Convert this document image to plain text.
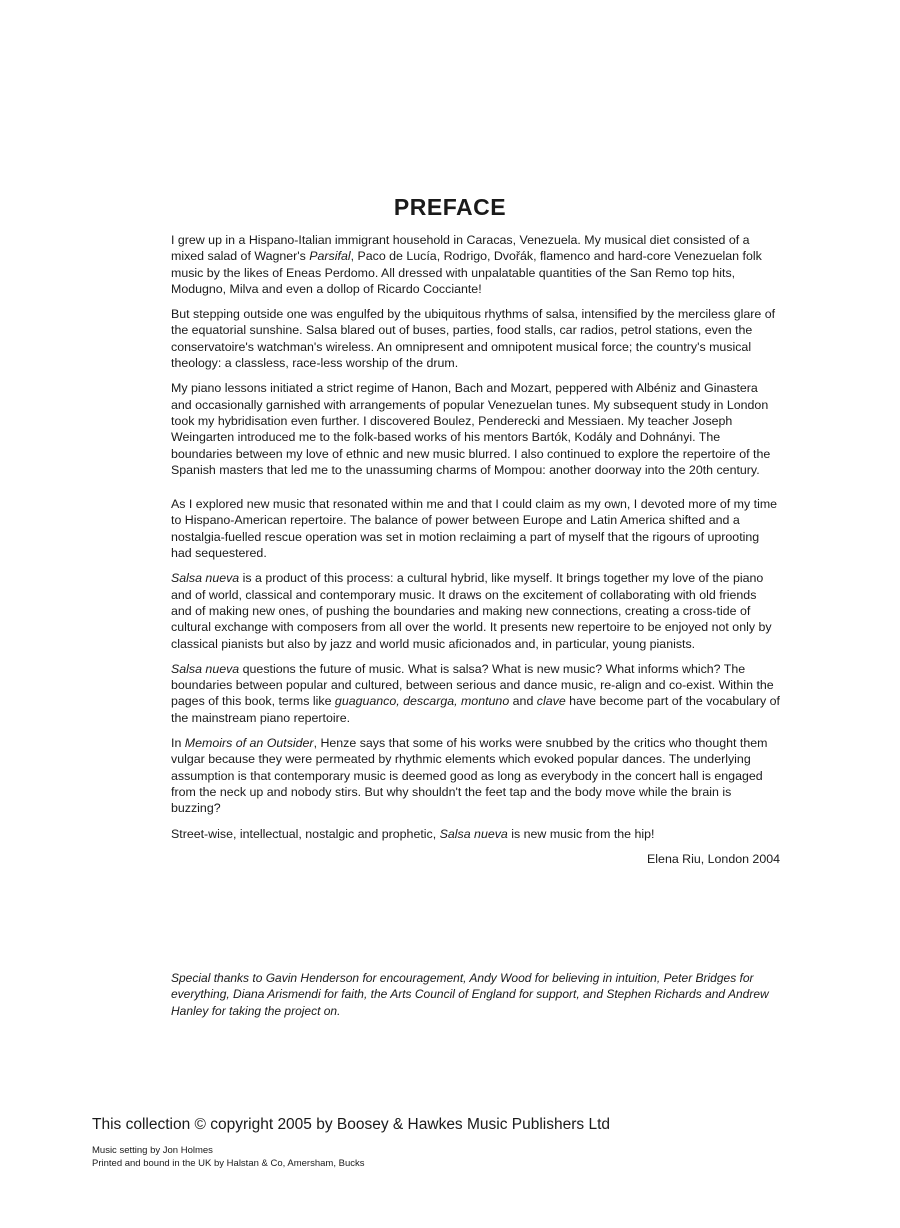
PREFACE

I grew up in a Hispano-Italian immigrant household in Caracas, Venezuela. My musical diet consisted of a mixed salad of Wagner's Parsifal, Paco de Lucía, Rodrigo, Dvořák, flamenco and hard-core Venezuelan folk music by the likes of Eneas Perdomo. All dressed with unpalatable quantities of the San Remo top hits, Modugno, Milva and even a dollop of Ricardo Cocciante!

But stepping outside one was engulfed by the ubiquitous rhythms of salsa, intensified by the merciless glare of the equatorial sunshine. Salsa blared out of buses, parties, food stalls, car radios, petrol stations, even the conservatoire's watchman's wireless. An omnipresent and omnipotent musical force; the country's musical theology: a classless, race-less worship of the drum.

My piano lessons initiated a strict regime of Hanon, Bach and Mozart, peppered with Albéniz and Ginastera and occasionally garnished with arrangements of popular Venezuelan tunes. My subsequent study in London took my hybridisation even further. I discovered Boulez, Penderecki and Messiaen. My teacher Joseph Weingarten introduced me to the folk-based works of his mentors Bartók, Kodály and Dohnányi. The boundaries between my love of ethnic and new music blurred. I also continued to explore the repertoire of the Spanish masters that led me to the unassuming charms of Mompou: another doorway into the 20th century.

As I explored new music that resonated within me and that I could claim as my own, I devoted more of my time to Hispano-American repertoire. The balance of power between Europe and Latin America shifted and a nostalgia-fuelled rescue operation was set in motion reclaiming a part of myself that the rigours of uprooting had sequestered.

Salsa nueva is a product of this process: a cultural hybrid, like myself. It brings together my love of the piano and of world, classical and contemporary music. It draws on the excitement of collaborating with old friends and of making new ones, of pushing the boundaries and making new connections, creating a cross-tide of cultural exchange with composers from all over the world. It presents new repertoire to be enjoyed not only by classical pianists but also by jazz and world music aficionados and, in particular, young pianists.

Salsa nueva questions the future of music. What is salsa? What is new music? What informs which? The boundaries between popular and cultured, between serious and dance music, re-align and co-exist. Within the pages of this book, terms like guaguanco, descarga, montuno and clave have become part of the vocabulary of the mainstream piano repertoire.

In Memoirs of an Outsider, Henze says that some of his works were snubbed by the critics who thought them vulgar because they were permeated by rhythmic elements which evoked popular dances. The underlying assumption is that contemporary music is deemed good as long as everybody in the concert hall is engaged from the neck up and nobody stirs. But why shouldn't the feet tap and the body move while the brain is buzzing?

Street-wise, intellectual, nostalgic and prophetic, Salsa nueva is new music from the hip!

Elena Riu, London 2004

Special thanks to Gavin Henderson for encouragement, Andy Wood for believing in intuition, Peter Bridges for everything, Diana Arismendi for faith, the Arts Council of England for support, and Stephen Richards and Andrew Hanley for taking the project on.
This collection © copyright 2005 by Boosey & Hawkes Music Publishers Ltd
Music setting by Jon Holmes
Printed and bound in the UK by Halstan & Co, Amersham, Bucks
